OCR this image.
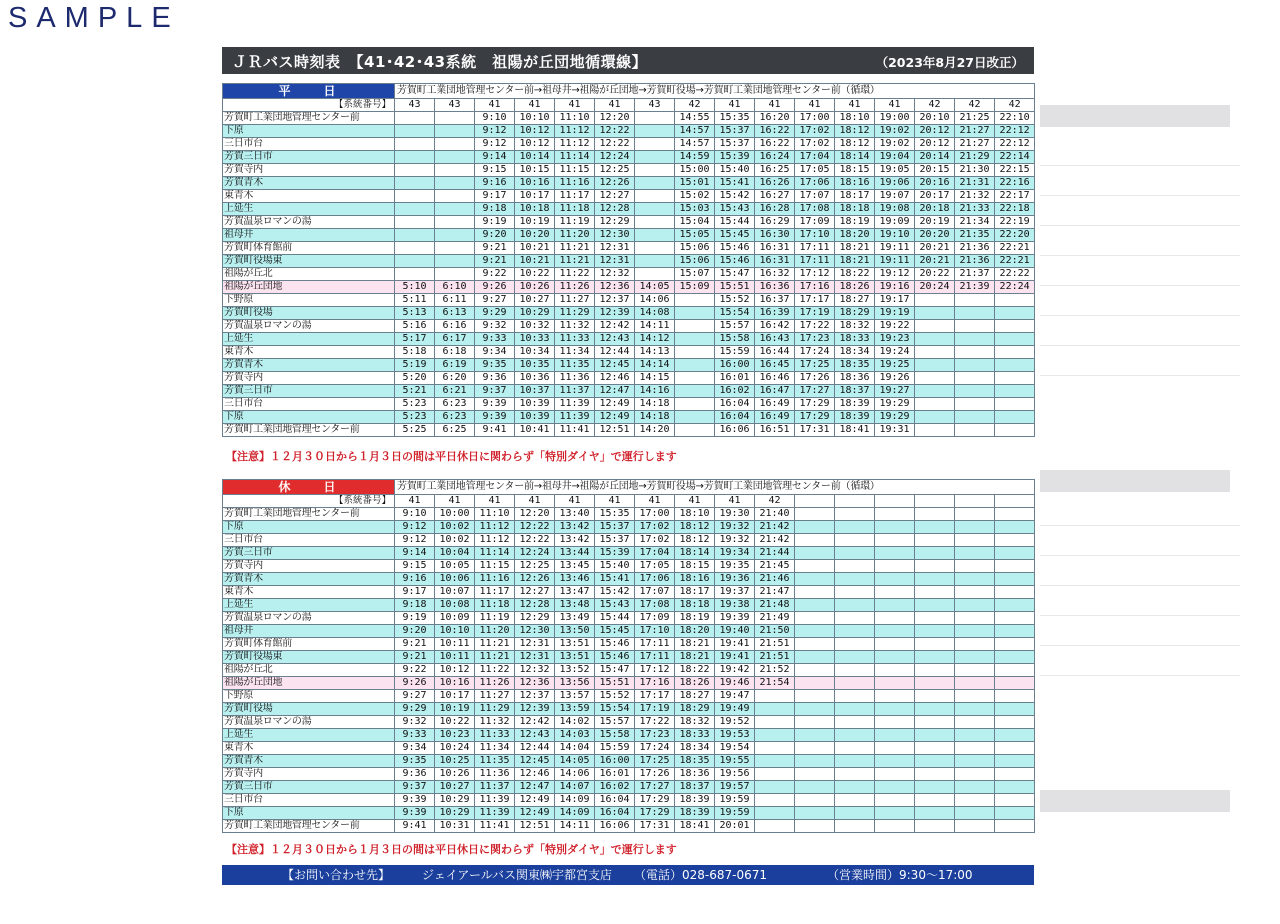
SAMPLE
ＪＲバス時刻表　【41･42･43系統　祖陽が丘団地循環線】	（2023年8月27日改正）
平　　日	芳賀町工業団地管理センター前→祖母井→祖陽が丘団地→芳賀町役場→芳賀町工業団地管理センター前（循環）															
【系統番号】	43	43	41	41	41	41	43	42	41	41	41	41	41	42	42	42
芳賀町工業団地管理センター前			9:10	10:10	11:10	12:20		14:55	15:35	16:20	17:00	18:10	19:00	20:10	21:25	22:10
下原			9:12	10:12	11:12	12:22		14:57	15:37	16:22	17:02	18:12	19:02	20:12	21:27	22:12
三日市台			9:12	10:12	11:12	12:22		14:57	15:37	16:22	17:02	18:12	19:02	20:12	21:27	22:12
芳賀三日市			9:14	10:14	11:14	12:24		14:59	15:39	16:24	17:04	18:14	19:04	20:14	21:29	22:14
芳賀寺内			9:15	10:15	11:15	12:25		15:00	15:40	16:25	17:05	18:15	19:05	20:15	21:30	22:15
芳賀青木			9:16	10:16	11:16	12:26		15:01	15:41	16:26	17:06	18:16	19:06	20:16	21:31	22:16
東青木			9:17	10:17	11:17	12:27		15:02	15:42	16:27	17:07	18:17	19:07	20:17	21:32	22:17
上延生			9:18	10:18	11:18	12:28		15:03	15:43	16:28	17:08	18:18	19:08	20:18	21:33	22:18
芳賀温泉ロマンの湯			9:19	10:19	11:19	12:29		15:04	15:44	16:29	17:09	18:19	19:09	20:19	21:34	22:19
祖母井			9:20	10:20	11:20	12:30		15:05	15:45	16:30	17:10	18:20	19:10	20:20	21:35	22:20
芳賀町体育館前			9:21	10:21	11:21	12:31		15:06	15:46	16:31	17:11	18:21	19:11	20:21	21:36	22:21
芳賀町役場東			9:21	10:21	11:21	12:31		15:06	15:46	16:31	17:11	18:21	19:11	20:21	21:36	22:21
祖陽が丘北			9:22	10:22	11:22	12:32		15:07	15:47	16:32	17:12	18:22	19:12	20:22	21:37	22:22
祖陽が丘団地	5:10	6:10	9:26	10:26	11:26	12:36	14:05	15:09	15:51	16:36	17:16	18:26	19:16	20:24	21:39	22:24
下野原	5:11	6:11	9:27	10:27	11:27	12:37	14:06		15:52	16:37	17:17	18:27	19:17			
芳賀町役場	5:13	6:13	9:29	10:29	11:29	12:39	14:08		15:54	16:39	17:19	18:29	19:19			
芳賀温泉ロマンの湯	5:16	6:16	9:32	10:32	11:32	12:42	14:11		15:57	16:42	17:22	18:32	19:22			
上延生	5:17	6:17	9:33	10:33	11:33	12:43	14:12		15:58	16:43	17:23	18:33	19:23			
東青木	5:18	6:18	9:34	10:34	11:34	12:44	14:13		15:59	16:44	17:24	18:34	19:24			
芳賀青木	5:19	6:19	9:35	10:35	11:35	12:45	14:14		16:00	16:45	17:25	18:35	19:25			
芳賀寺内	5:20	6:20	9:36	10:36	11:36	12:46	14:15		16:01	16:46	17:26	18:36	19:26			
芳賀三日市	5:21	6:21	9:37	10:37	11:37	12:47	14:16		16:02	16:47	17:27	18:37	19:27			
三日市台	5:23	6:23	9:39	10:39	11:39	12:49	14:18		16:04	16:49	17:29	18:39	19:29			
下原	5:23	6:23	9:39	10:39	11:39	12:49	14:18		16:04	16:49	17:29	18:39	19:29			
芳賀町工業団地管理センター前	5:25	6:25	9:41	10:41	11:41	12:51	14:20		16:06	16:51	17:31	18:41	19:31			
【注意】１２月３０日から１月３日の間は平日休日に関わらず「特別ダイヤ」で運行します
休　　日	芳賀町工業団地管理センター前→祖母井→祖陽が丘団地→芳賀町役場→芳賀町工業団地管理センター前（循環）															
【系統番号】	41	41	41	41	41	41	41	41	41	42						
芳賀町工業団地管理センター前	9:10	10:00	11:10	12:20	13:40	15:35	17:00	18:10	19:30	21:40						
下原	9:12	10:02	11:12	12:22	13:42	15:37	17:02	18:12	19:32	21:42						
三日市台	9:12	10:02	11:12	12:22	13:42	15:37	17:02	18:12	19:32	21:42						
芳賀三日市	9:14	10:04	11:14	12:24	13:44	15:39	17:04	18:14	19:34	21:44						
芳賀寺内	9:15	10:05	11:15	12:25	13:45	15:40	17:05	18:15	19:35	21:45						
芳賀青木	9:16	10:06	11:16	12:26	13:46	15:41	17:06	18:16	19:36	21:46						
東青木	9:17	10:07	11:17	12:27	13:47	15:42	17:07	18:17	19:37	21:47						
上延生	9:18	10:08	11:18	12:28	13:48	15:43	17:08	18:18	19:38	21:48						
芳賀温泉ロマンの湯	9:19	10:09	11:19	12:29	13:49	15:44	17:09	18:19	19:39	21:49						
祖母井	9:20	10:10	11:20	12:30	13:50	15:45	17:10	18:20	19:40	21:50						
芳賀町体育館前	9:21	10:11	11:21	12:31	13:51	15:46	17:11	18:21	19:41	21:51						
芳賀町役場東	9:21	10:11	11:21	12:31	13:51	15:46	17:11	18:21	19:41	21:51						
祖陽が丘北	9:22	10:12	11:22	12:32	13:52	15:47	17:12	18:22	19:42	21:52						
祖陽が丘団地	9:26	10:16	11:26	12:36	13:56	15:51	17:16	18:26	19:46	21:54						
下野原	9:27	10:17	11:27	12:37	13:57	15:52	17:17	18:27	19:47							
芳賀町役場	9:29	10:19	11:29	12:39	13:59	15:54	17:19	18:29	19:49							
芳賀温泉ロマンの湯	9:32	10:22	11:32	12:42	14:02	15:57	17:22	18:32	19:52							
上延生	9:33	10:23	11:33	12:43	14:03	15:58	17:23	18:33	19:53							
東青木	9:34	10:24	11:34	12:44	14:04	15:59	17:24	18:34	19:54							
芳賀青木	9:35	10:25	11:35	12:45	14:05	16:00	17:25	18:35	19:55							
芳賀寺内	9:36	10:26	11:36	12:46	14:06	16:01	17:26	18:36	19:56							
芳賀三日市	9:37	10:27	11:37	12:47	14:07	16:02	17:27	18:37	19:57							
三日市台	9:39	10:29	11:39	12:49	14:09	16:04	17:29	18:39	19:59							
下原	9:39	10:29	11:39	12:49	14:09	16:04	17:29	18:39	19:59							
芳賀町工業団地管理センター前	9:41	10:31	11:41	12:51	14:11	16:06	17:31	18:41	20:01							
【注意】１２月３０日から１月３日の間は平日休日に関わらず「特別ダイヤ」で運行します
【お問い合わせ先】	ジェイアールバス関東㈱宇都宮支店 （電話）028-687-0671	（営業時間）9:30～17:00
